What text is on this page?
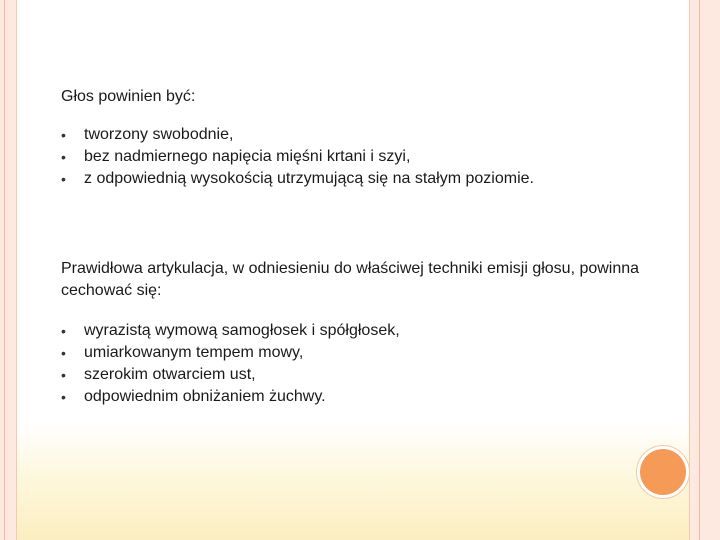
Głos powinien być:

• tworzony swobodnie,
• bez nadmiernego napięcia mięśni krtani i szyi,
• z odpowiednią wysokością utrzymującą się na stałym poziomie.

Prawidłowa artykulacja, w odniesieniu do właściwej techniki emisji głosu, powinna cechować się:

• wyrazistą wymową samogłosek i spółgłosek,
• umiarkowanym tempem mowy,
• szerokim otwarciem ust,
• odpowiednim obniżaniem żuchwy.
